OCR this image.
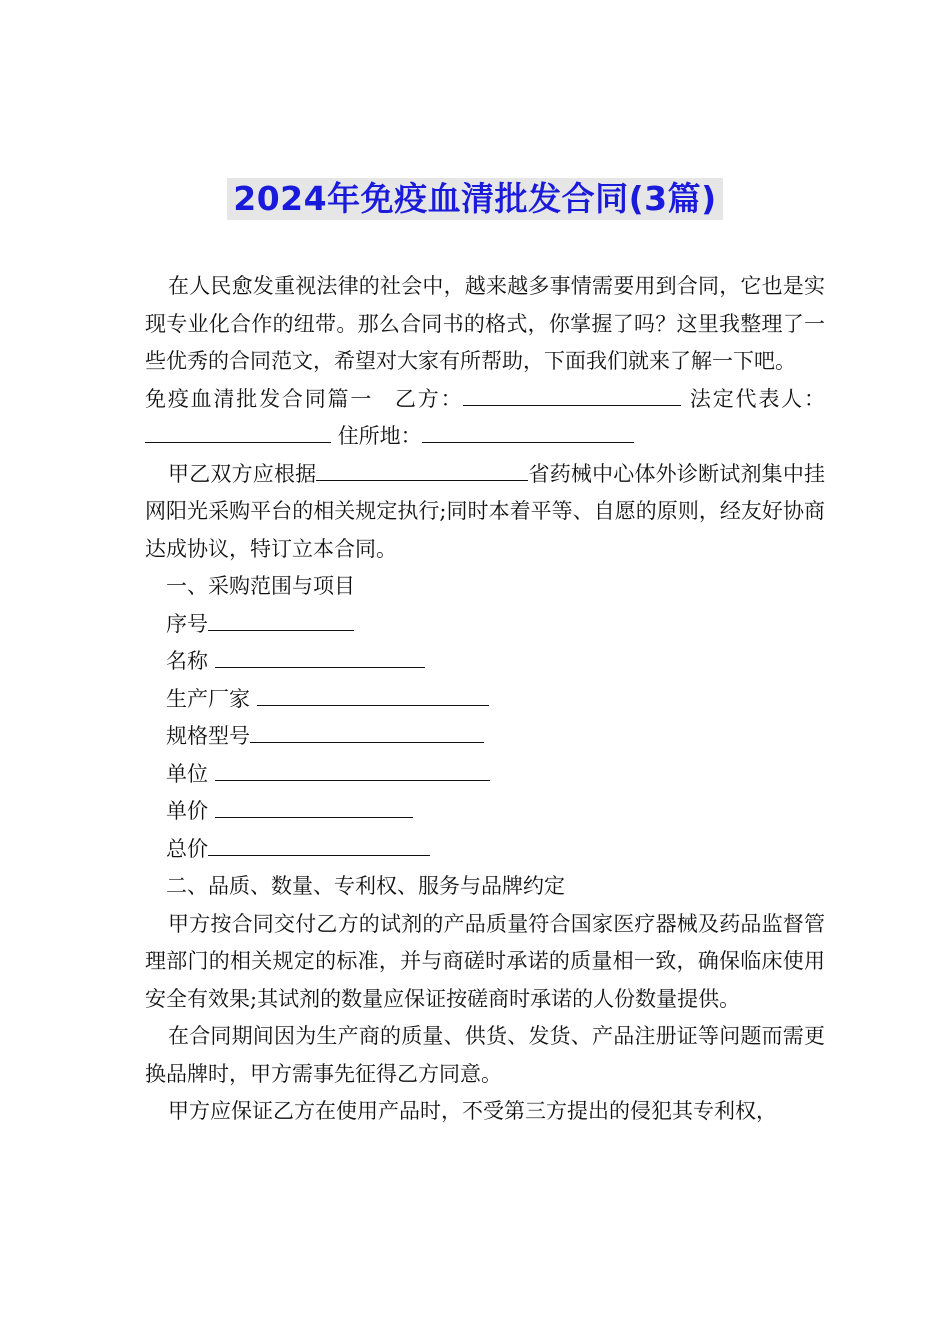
2024年免疫血清批发合同(3篇)

在人民愈发重视法律的社会中，越来越多事情需要用到合同，它也是实现专业化合作的纽带。那么合同书的格式，你掌握了吗？这里我整理了一些优秀的合同范文，希望对大家有所帮助，下面我们就来了解一下吧。

免疫血清批发合同篇一 乙方：	法定代表人： 住所地：

甲乙双方应根据	省药械中心体外诊断试剂集中挂网阳光采购平台的相关规定执行;同时本着平等、自愿的原则，经友好协商达成协议，特订立本合同。

一、采购范围与项目

序号

名称

生产厂家

规格型号

单位

单价

总价

二、品质、数量、专利权、服务与品牌约定

甲方按合同交付乙方的试剂的产品质量符合国家医疗器械及药品监督管理部门的相关规定的标准，并与商磋时承诺的质量相一致，确保临床使用安全有效果;其试剂的数量应保证按磋商时承诺的人份数量提供。

在合同期间因为生产商的质量、供货、发货、产品注册证等问题而需更换品牌时，甲方需事先征得乙方同意。

甲方应保证乙方在使用产品时，不受第三方提出的侵犯其专利权，
